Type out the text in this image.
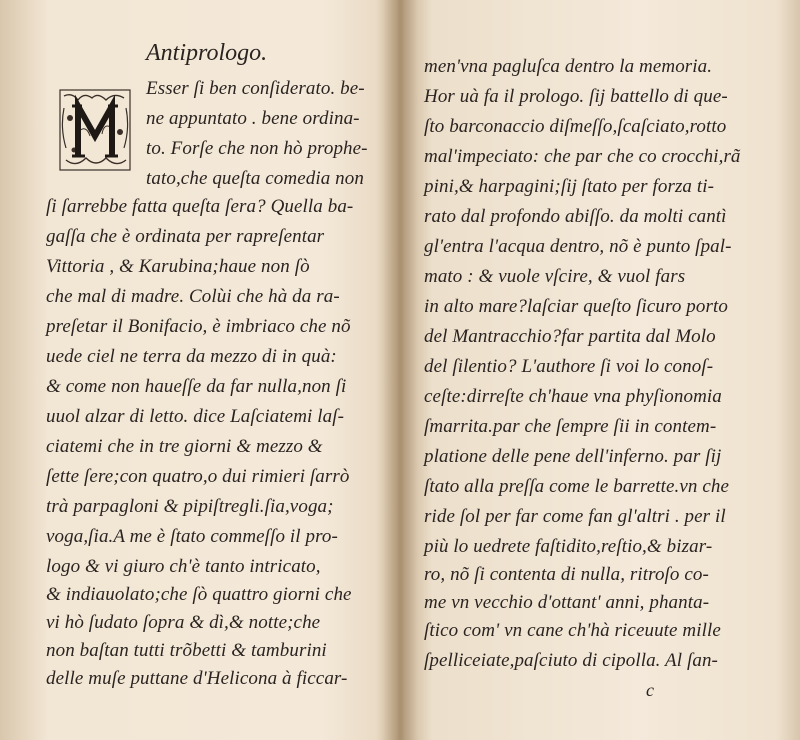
Antiprologo.
Esser ſi ben conſiderato. be-
ne appuntato . bene ordina-
to. Forſe che non hò prophe-
tato,che queſta comedia non
ſi ſarrebbe fatta queſta ſera? Quella ba-
gaſſa che è ordinata per rapreſentar
Vittoria , & Karubina;haue non ſò
che mal di madre. Colùi che hà da ra-
preſetar il Bonifacio, è imbriaco che nõ
uede ciel ne terra da mezzo di in quà:
& come non haueſſe da far nulla,non ſi
uuol alzar di letto. dice Laſciatemi laſ-
ciatemi che in tre giorni & mezzo &
ſette ſere;con quatro,o dui rimieri ſarrò
trà parpagloni & pipiſtregli.ſia,voga;
voga,ſia.A me è ſtato commeſſo il pro-
logo & vi giuro ch'è tanto intricato,
& indiauolato;che ſò quattro giorni che
vi hò ſudato ſopra & dì,& notte;che
non baſtan tutti trõbetti & tamburini
delle muſe puttane d'Helicona à ficcar-
men'vna pagluſca dentro la memoria.
Hor uà fa il prologo. ſij battello di que-
ſto barconaccio diſmeſſo,ſcaſciato,rotto
mal'impeciato: che par che co crocchi,rã
pini,& harpagini;ſij ſtato per forza ti-
rato dal profondo abiſſo. da molti cantì
gl'entra l'acqua dentro, nõ è punto ſpal-
mato : & vuole vſcire, & vuol fars
in alto mare?laſciar queſto ſicuro porto
del Mantracchio?far partita dal Molo
del ſilentio? L'authore ſi voi lo conoſ-
ceſte:dirreſte ch'haue vna phyſionomia
ſmarrita.par che ſempre ſii in contem-
platione delle pene dell'inferno. par ſij
ſtato alla preſſa come le barrette.vn che
ride ſol per far come fan gl'altri . per il
più lo uedrete faſtidito,reſtio,& bizar-
ro, nõ ſi contenta di nulla, ritroſo co-
me vn vecchio d'ottant' anni, phanta-
ſtico com' vn cane ch'hà riceuute mille
ſpelliceiate,paſciuto di cipolla. Al ſan-
c
